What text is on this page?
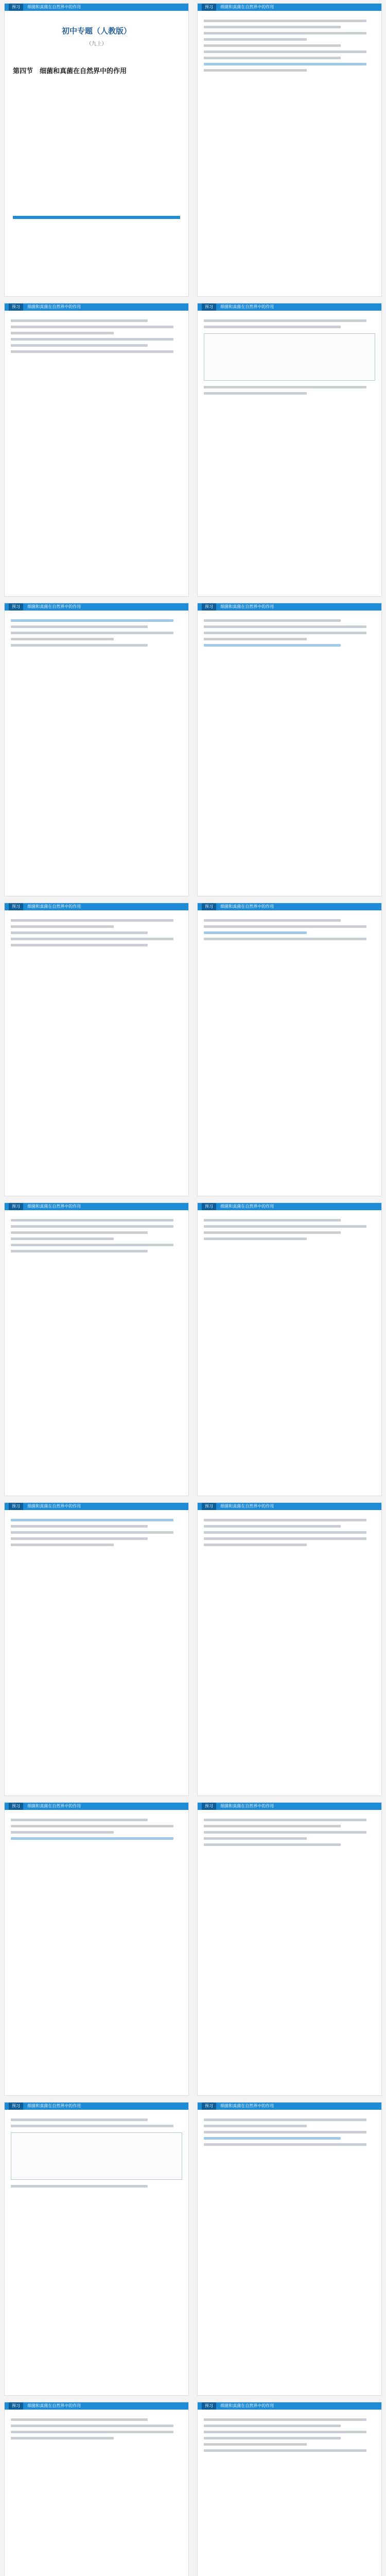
预习 细菌和真菌在自然界中的作用
初中专题（人教版）
（九上）
第四节　细菌和真菌在自然界中的作用
预习 细菌和真菌在自然界中的作用
预习 细菌和真菌在自然界中的作用	预习 细菌和真菌在自然界中的作用
预习 细菌和真菌在自然界中的作用	预习 细菌和真菌在自然界中的作用
预习 细菌和真菌在自然界中的作用	预习 细菌和真菌在自然界中的作用
预习 细菌和真菌在自然界中的作用	预习 细菌和真菌在自然界中的作用
预习 细菌和真菌在自然界中的作用	预习 细菌和真菌在自然界中的作用
预习 细菌和真菌在自然界中的作用	预习 细菌和真菌在自然界中的作用
预习 细菌和真菌在自然界中的作用	预习 细菌和真菌在自然界中的作用
预习 细菌和真菌在自然界中的作用	预习 细菌和真菌在自然界中的作用
